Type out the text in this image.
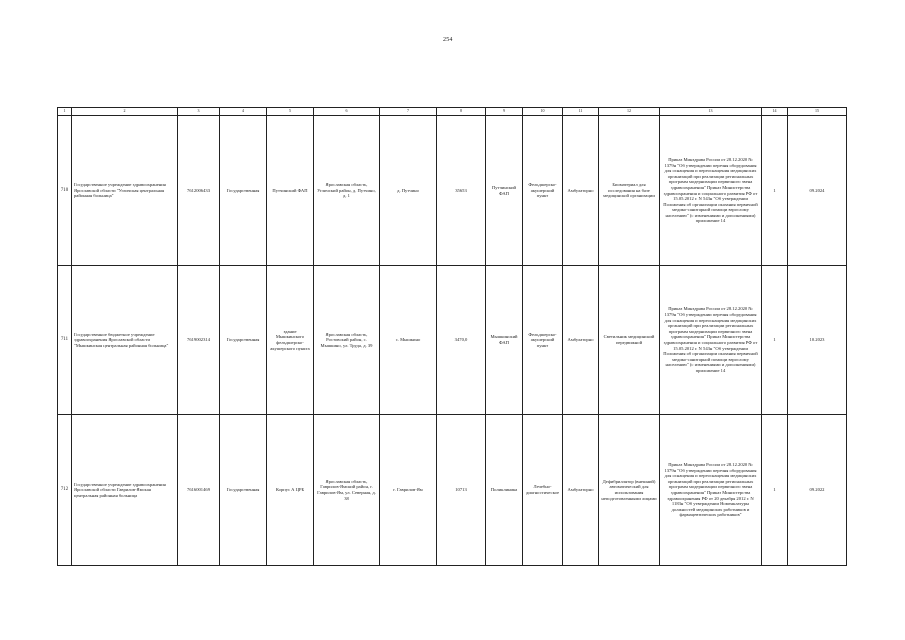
254
1	2	3	4	5	6	7	8	9	10	11	12	13	14	15
710	Государственное учреждение здравоохранения Ярославской области "Угличская центральная районная больница"	7612006433	Государственная	Путчинский ФАП	Ярославская область, Угличский район, д. Путчино, д. 1	д. Путчино	35653	Путчинский ФАП	Фельдшерско-акушерский пункт	Амбулаторно	Биоматериал для исследования на базе медицинской организации	Приказ Минздрава России от 28.12.2020 № 1379н "Об утверждении перечня оборудования для оснащения и переоснащения медицинских организаций при реализации региональных программ модернизации первичного звена здравоохранения" Приказ Министерства здравоохранения и социального развития РФ от 15.05.2012 г. N 543н "Об утверждении Положения об организации оказания первичной медико-санитарной помощи взрослому населению" (с изменениями и дополнениями) приложение 14	1	09.2024
711	Государственное бюджетное учреждение здравоохранения Ярославской области "Мышкинская центральная районная больница"	7619002314	Государственная	здание Мышкинского фельдшерско-акушерского пункта	Ярославская область, Ростовский район, с. Мышкино, ул. Труда, д. 39	с. Мышкино	3470,0	Мышкинский ФАП	Фельдшерско-акушерский пункт	Амбулаторно	Светильник медицинский передвижной	Приказ Минздрава России от 28.12.2020 № 1379н "Об утверждении перечня оборудования для оснащения и переоснащения медицинских организаций при реализации региональных программ модернизации первичного звена здравоохранения" Приказ Министерства здравоохранения и социального развития РФ от 15.05.2012 г. N 543н "Об утверждении Положения об организации оказания первичной медико-санитарной помощи взрослому населению" (с изменениями и дополнениями) приложение 14	1	10.2023
712	Государственное учреждение здравоохранения Ярославской области Гаврилов-Ямская центральная районная больница	7616001469	Государственная	Корпус А ЦРБ	Ярославская область, Гаврилов-Ямский район, г. Гаврилов-Ям, ул. Северная, д. 38	г. Гаврилов-Ям	10713	Поликлиника	Лечебно-диагностическое	Амбулаторно	Дефибриллятор (внешний) автоматический для использования неподготовленными лицами	Приказ Минздрава России от 28.12.2020 № 1379н "Об утверждении перечня оборудования для оснащения и переоснащения медицинских организаций при реализации региональных программ модернизации первичного звена здравоохранения" Приказ Министерства здравоохранения РФ от 20 декабря 2012 г. N 1183н "Об утверждении Номенклатуры должностей медицинских работников и фармацевтических работников"	1	09.2022
